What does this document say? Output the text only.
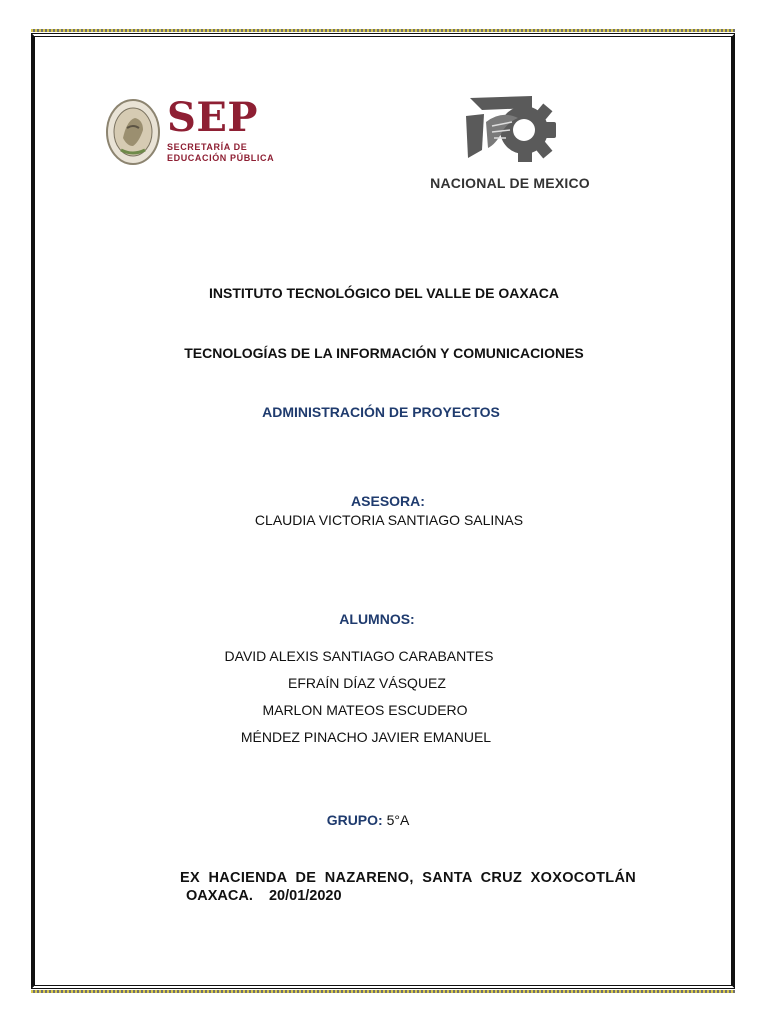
SEP
SECRETARÍA DE
EDUCACIÓN PÚBLICA
NACIONAL DE MEXICO
INSTITUTO TECNOLÓGICO DEL VALLE DE OAXACA
TECNOLOGÍAS DE LA INFORMACIÓN Y COMUNICACIONES
ADMINISTRACIÓN DE PROYECTOS
ASESORA:
CLAUDIA VICTORIA SANTIAGO SALINAS
ALUMNOS:
DAVID ALEXIS SANTIAGO CARABANTES
EFRAÍN DÍAZ VÁSQUEZ
MARLON MATEOS ESCUDERO
MÉNDEZ PINACHO JAVIER EMANUEL
GRUPO: 5°A
EX HACIENDA DE NAZARENO, SANTA CRUZ XOXOCOTLÁN
OAXACA.    20/01/2020
